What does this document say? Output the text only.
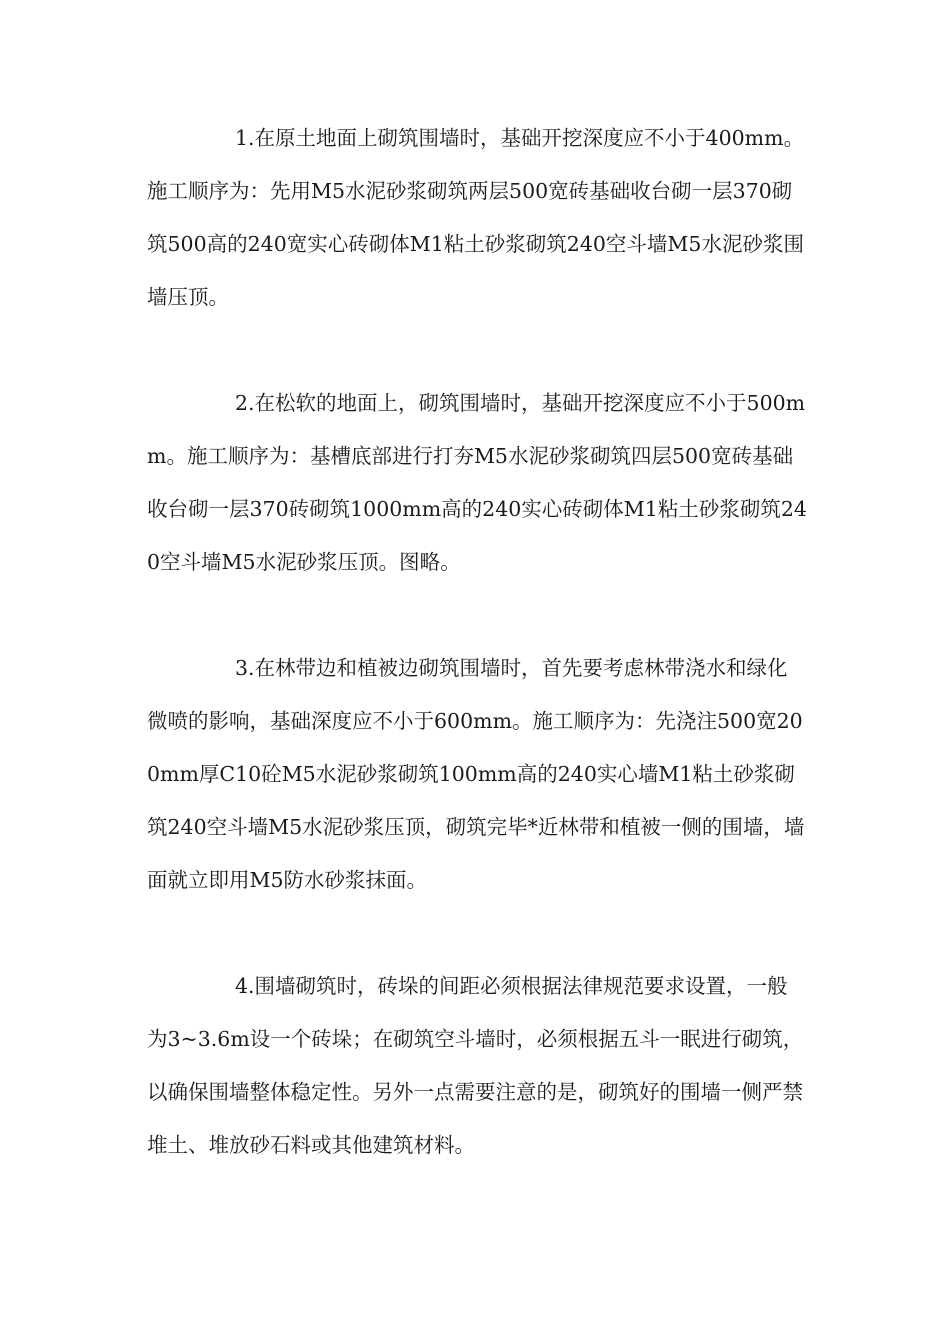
1.在原土地面上砌筑围墙时，基础开挖深度应不小于400mm。施工顺序为：先用M5水泥砂浆砌筑两层500宽砖基础收台砌一层370砌筑500高的240宽实心砖砌体M1粘土砂浆砌筑240空斗墙M5水泥砂浆围墙压顶。

2.在松软的地面上，砌筑围墙时，基础开挖深度应不小于500mm。施工顺序为：基槽底部进行打夯M5水泥砂浆砌筑四层500宽砖基础收台砌一层370砖砌筑1000mm高的240实心砖砌体M1粘土砂浆砌筑240空斗墙M5水泥砂浆压顶。图略。

3.在林带边和植被边砌筑围墙时，首先要考虑林带浇水和绿化微喷的影响，基础深度应不小于600mm。施工顺序为：先浇注500宽200mm厚C10砼M5水泥砂浆砌筑100mm高的240实心墙M1粘土砂浆砌筑240空斗墙M5水泥砂浆压顶，砌筑完毕*近林带和植被一侧的围墙，墙面就立即用M5防水砂浆抹面。

4.围墙砌筑时，砖垛的间距必须根据法律规范要求设置，一般为3~3.6m设一个砖垛；在砌筑空斗墙时，必须根据五斗一眠进行砌筑，以确保围墙整体稳定性。另外一点需要注意的是，砌筑好的围墙一侧严禁堆土、堆放砂石料或其他建筑材料。
